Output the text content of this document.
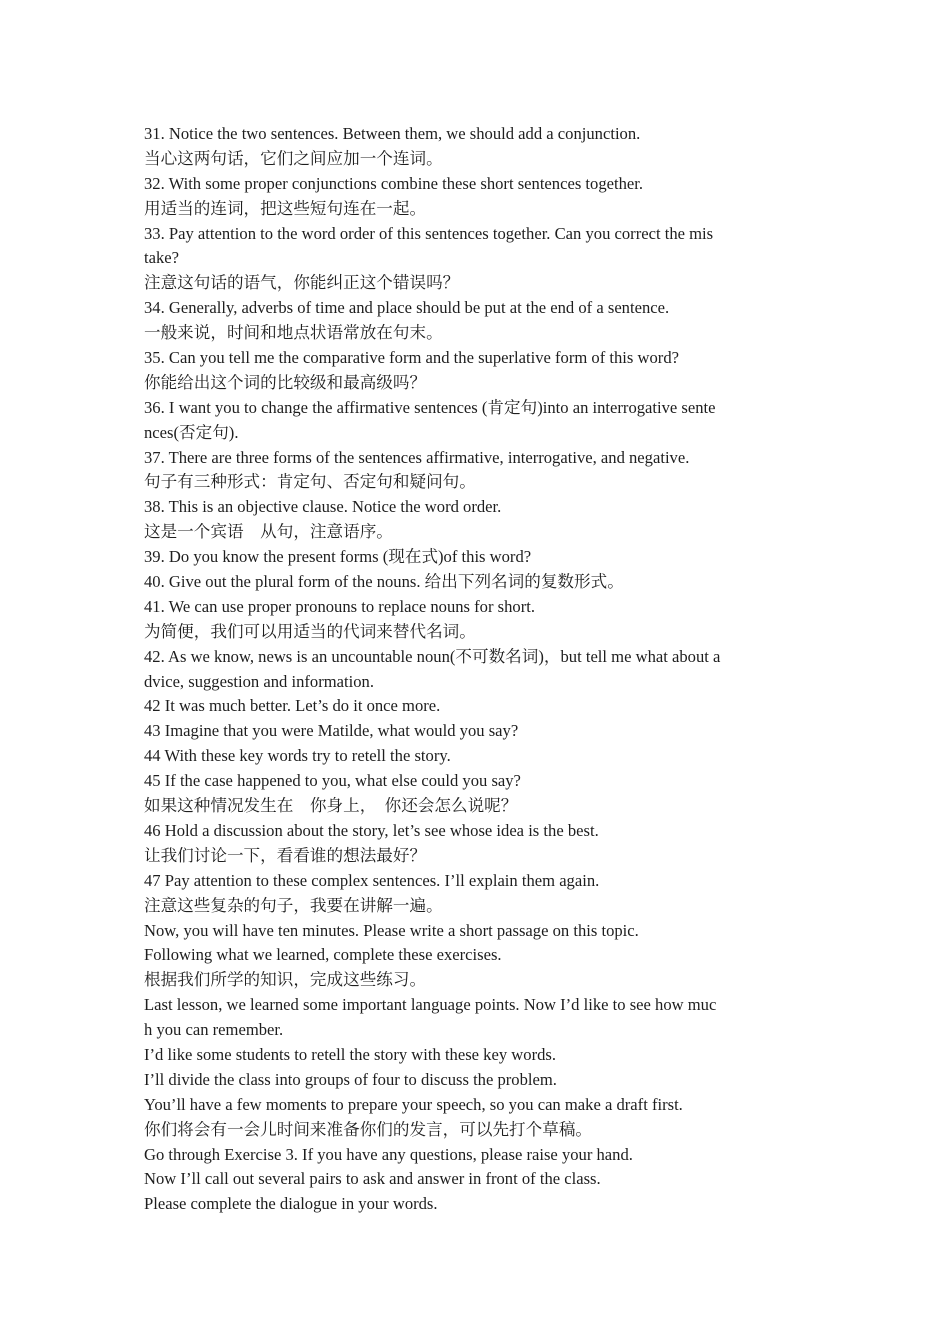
31. Notice the two sentences. Between them, we should add a conjunction.
当心这两句话，它们之间应加一个连词。
32. With some proper conjunctions combine these short sentences together.
用适当的连词，把这些短句连在一起。
33. Pay attention to the word order of this sentences together. Can you correct the mis
take?
注意这句话的语气，你能纠正这个错误吗？
34. Generally, adverbs of time and place should be put at the end of a sentence.
一般来说，时间和地点状语常放在句末。
35. Can you tell me the comparative form and the superlative form of this word?
你能给出这个词的比较级和最高级吗？
36. I want you to change the affirmative sentences (肯定句)into an interrogative sente
nces(否定句).
37. There are three forms of the sentences affirmative, interrogative, and negative.
句子有三种形式：肯定句、否定句和疑问句。
38. This is an objective clause. Notice the word order.
这是一个宾语　从句，注意语序。
39. Do you know the present forms (现在式)of this word?
40. Give out the plural form of the nouns. 给出下列名词的复数形式。
41. We can use proper pronouns to replace nouns for short.
为简便，我们可以用适当的代词来替代名词。
42. As we know, news is an uncountable noun(不可数名词)，but tell me what about a
dvice, suggestion and information.
42 It was much better. Let’s do it once more.
43 Imagine that you were Matilde, what would you say?
44 With these key words try to retell the story.
45 If the case happened to you, what else could you say?
如果这种情况发生在　你身上，　你还会怎么说呢？
46 Hold a discussion about the story, let’s see whose idea is the best.
让我们讨论一下，看看谁的想法最好？
47 Pay attention to these complex sentences. I’ll explain them again.
注意这些复杂的句子，我要在讲解一遍。
Now, you will have ten minutes. Please write a short passage on this topic.
Following what we learned, complete these exercises.
根据我们所学的知识，完成这些练习。
Last lesson, we learned some important language points. Now I’d like to see how muc
h you can remember.
I’d like some students to retell the story with these key words.
I’ll divide the class into groups of four to discuss the problem.
You’ll have a few moments to prepare your speech, so you can make a draft first.
你们将会有一会儿时间来准备你们的发言，可以先打个草稿。
Go through Exercise 3. If you have any questions, please raise your hand.
Now I’ll call out several pairs to ask and answer in front of the class.
Please complete the dialogue in your words.
